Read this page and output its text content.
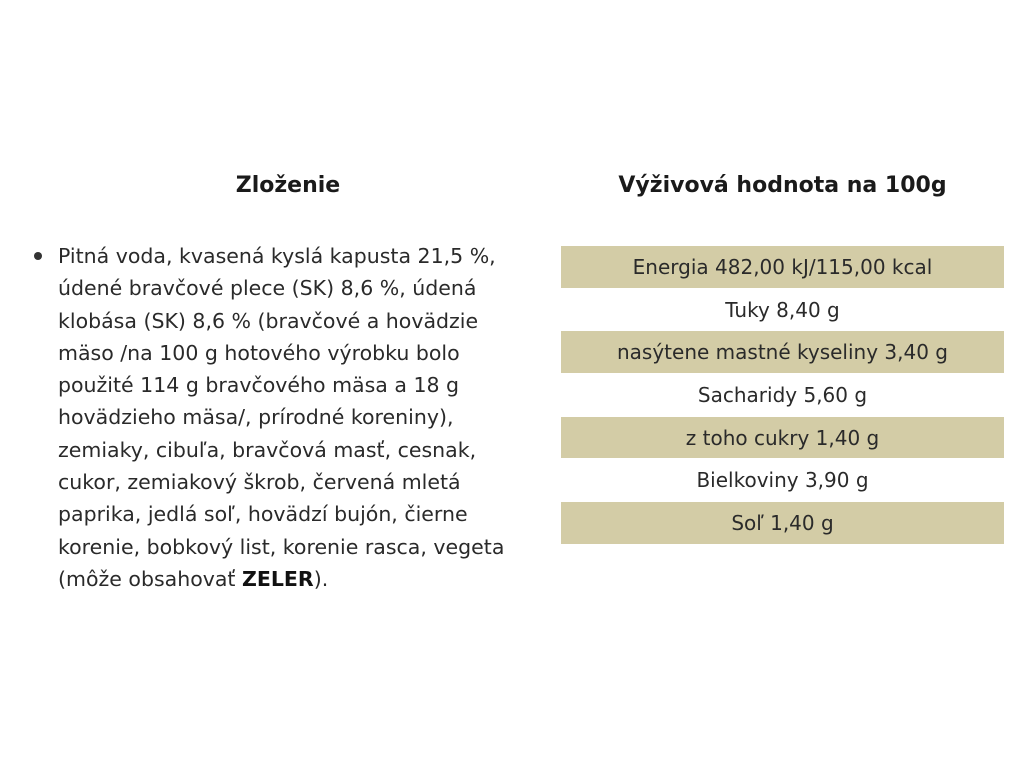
Zloženie
Pitná voda, kvasená kyslá kapusta 21,5 %, údené bravčové plece (SK) 8,6 %, údená klobása (SK) 8,6 % (bravčové a hovädzie mäso /na 100 g hotového výrobku bolo použité 114 g bravčového mäsa a 18 g hovädzieho mäsa/, prírodné koreniny), zemiaky, cibuľa, bravčová masť, cesnak, cukor, zemiakový škrob, červená mletá paprika, jedlá soľ, hovädzí bujón, čierne korenie, bobkový list, korenie rasca, vegeta (môže obsahovať ZELER).
Výživová hodnota na 100g
Energia 482,00 kJ/115,00 kcal
Tuky 8,40 g
nasýtene mastné kyseliny 3,40 g
Sacharidy 5,60 g
z toho cukry 1,40 g
Bielkoviny 3,90 g
Soľ 1,40 g
